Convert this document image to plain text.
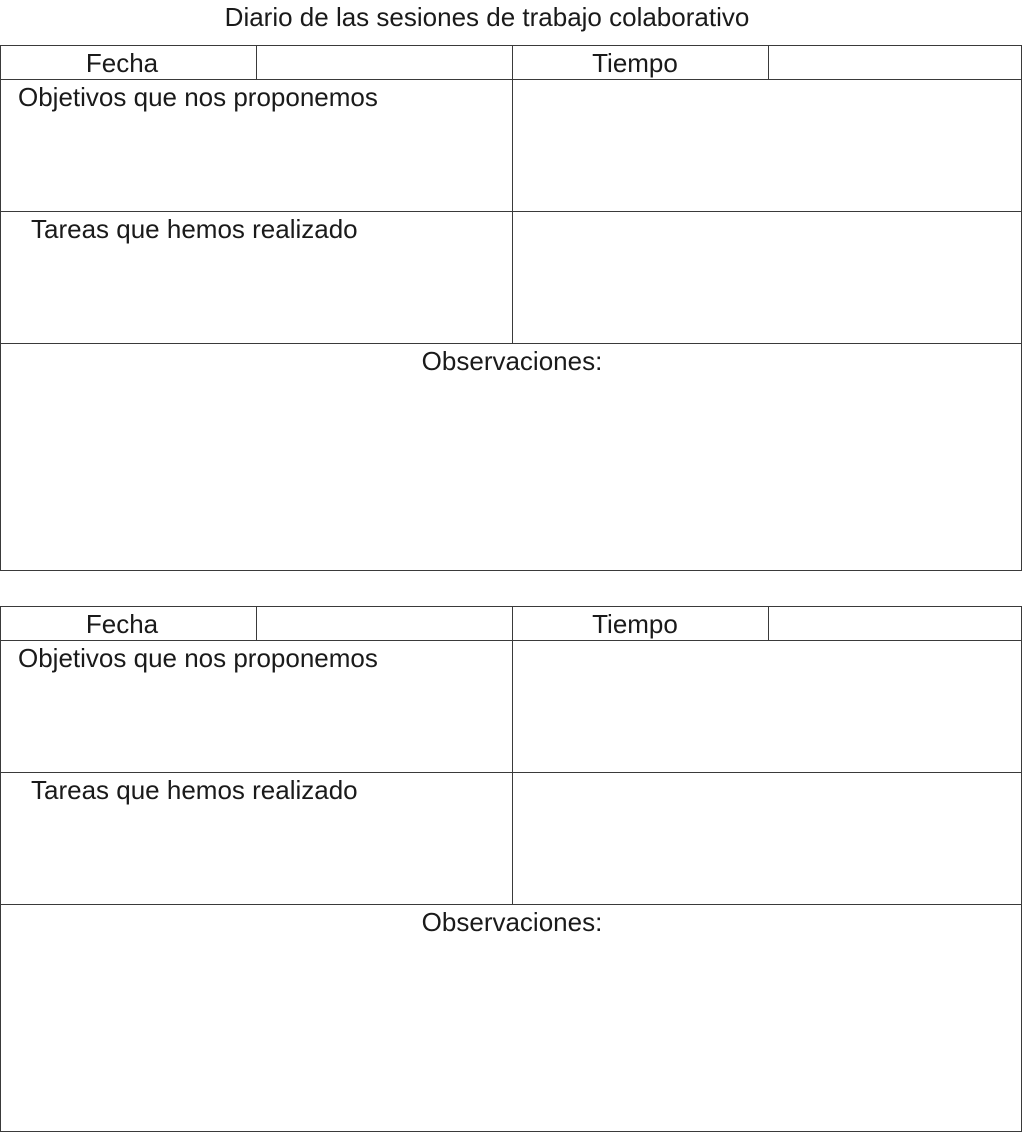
Diario de las sesiones de trabajo colaborativo
Fecha	Tiempo
Objetivos que nos proponemos
Tareas que hemos realizado
Observaciones:
Fecha	Tiempo
Objetivos que nos proponemos
Tareas que hemos realizado
Observaciones:
